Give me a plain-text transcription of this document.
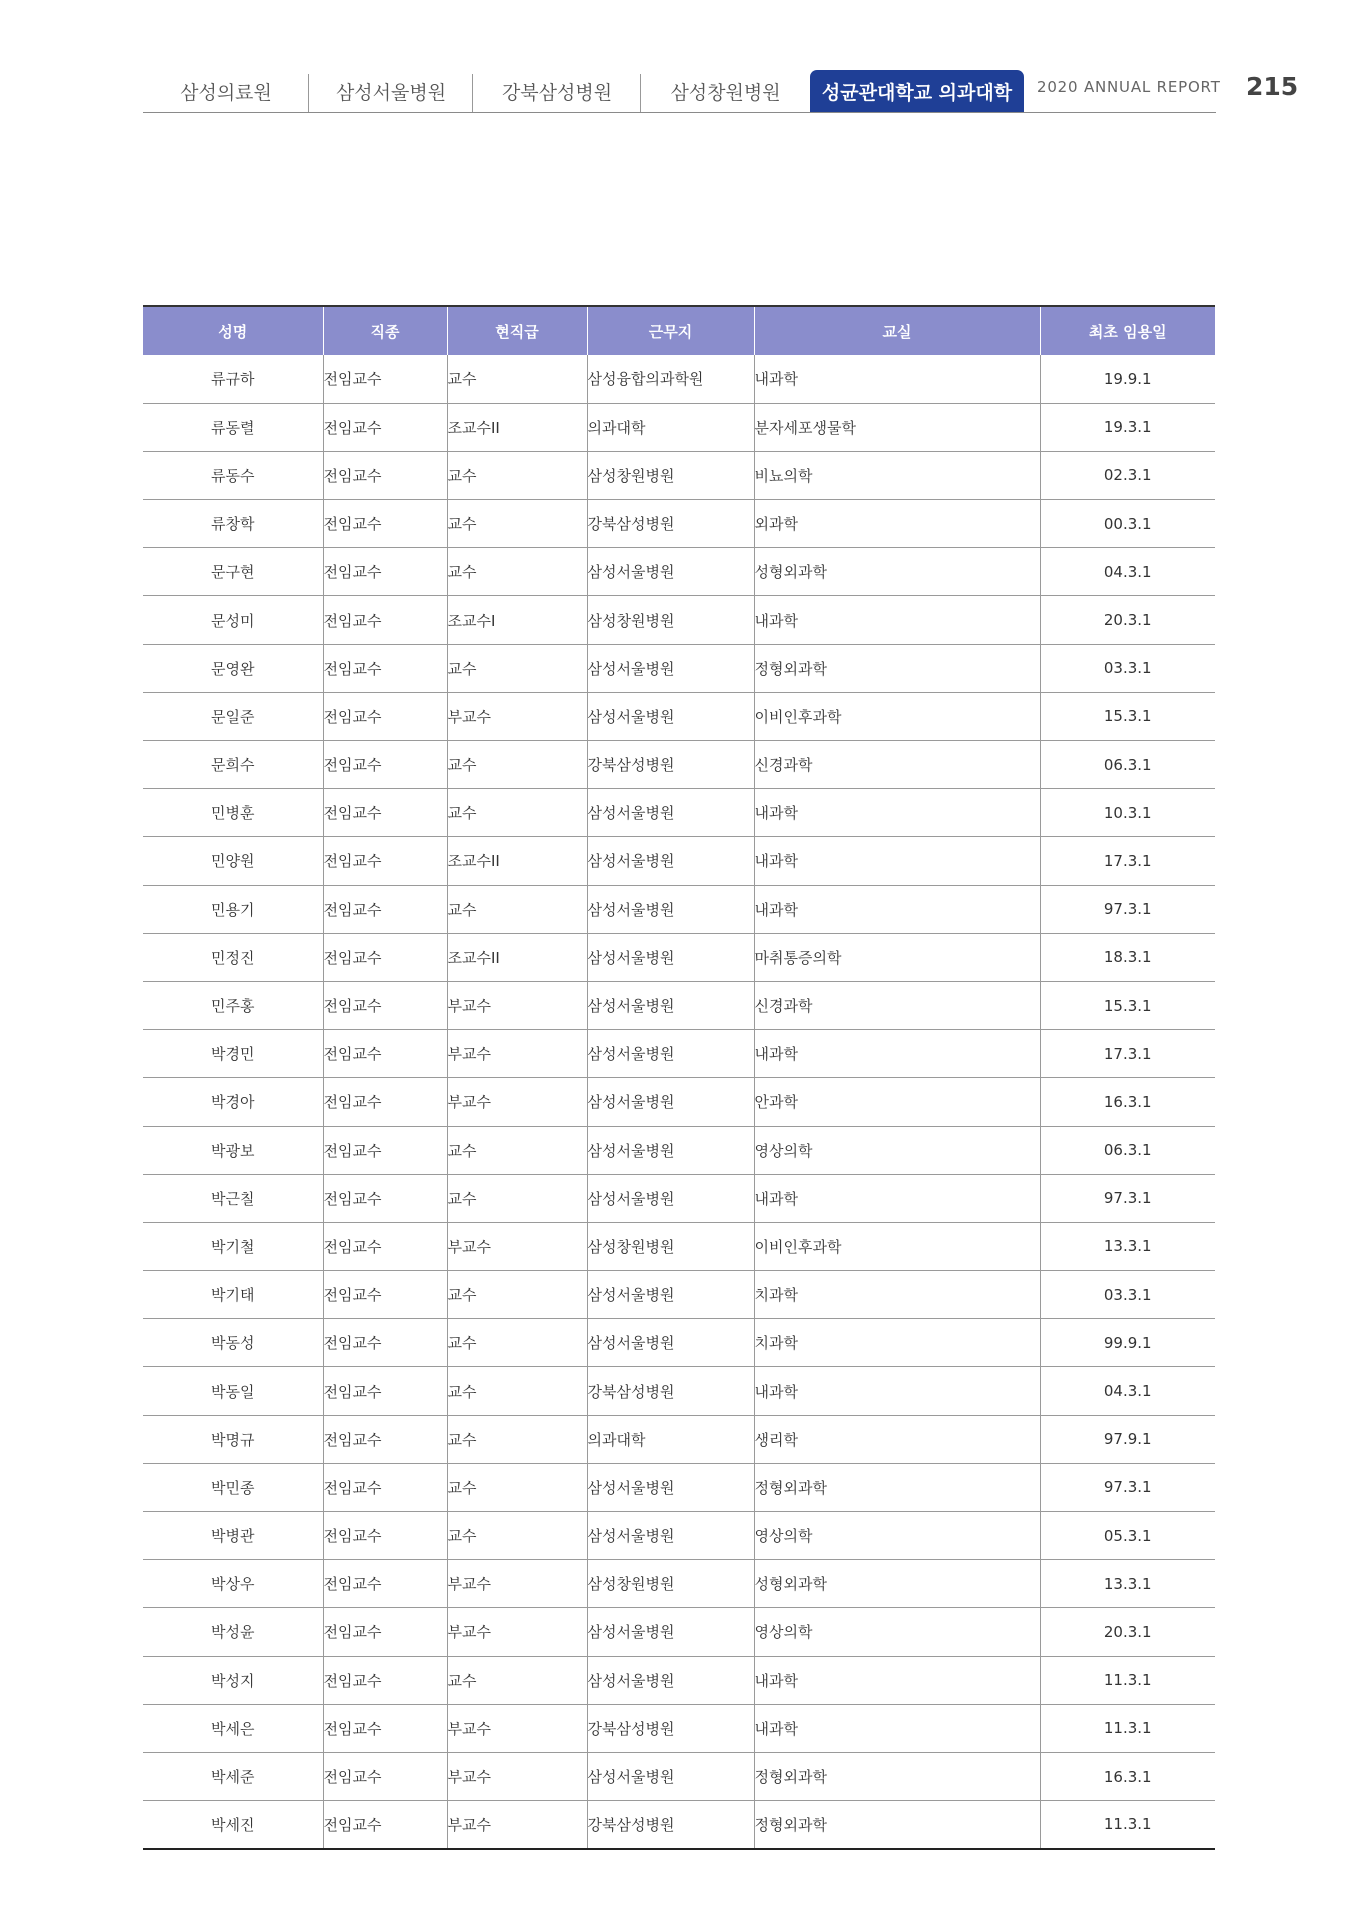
삼성의료원	삼성서울병원	강북삼성병원	삼성창원병원	성균관대학교 의과대학	2020 ANNUAL REPORT 215
성명	직종	현직급	근무지	교실	최초 임용일
류규하	전임교수	교수	삼성융합의과학원	내과학	19.9.1
류동렬	전임교수	조교수II	의과대학	분자세포생물학	19.3.1
류동수	전임교수	교수	삼성창원병원	비뇨의학	02.3.1
류창학	전임교수	교수	강북삼성병원	외과학	00.3.1
문구현	전임교수	교수	삼성서울병원	성형외과학	04.3.1
문성미	전임교수	조교수I	삼성창원병원	내과학	20.3.1
문영완	전임교수	교수	삼성서울병원	정형외과학	03.3.1
문일준	전임교수	부교수	삼성서울병원	이비인후과학	15.3.1
문희수	전임교수	교수	강북삼성병원	신경과학	06.3.1
민병훈	전임교수	교수	삼성서울병원	내과학	10.3.1
민양원	전임교수	조교수II	삼성서울병원	내과학	17.3.1
민용기	전임교수	교수	삼성서울병원	내과학	97.3.1
민정진	전임교수	조교수II	삼성서울병원	마취통증의학	18.3.1
민주홍	전임교수	부교수	삼성서울병원	신경과학	15.3.1
박경민	전임교수	부교수	삼성서울병원	내과학	17.3.1
박경아	전임교수	부교수	삼성서울병원	안과학	16.3.1
박광보	전임교수	교수	삼성서울병원	영상의학	06.3.1
박근칠	전임교수	교수	삼성서울병원	내과학	97.3.1
박기철	전임교수	부교수	삼성창원병원	이비인후과학	13.3.1
박기태	전임교수	교수	삼성서울병원	치과학	03.3.1
박동성	전임교수	교수	삼성서울병원	치과학	99.9.1
박동일	전임교수	교수	강북삼성병원	내과학	04.3.1
박명규	전임교수	교수	의과대학	생리학	97.9.1
박민종	전임교수	교수	삼성서울병원	정형외과학	97.3.1
박병관	전임교수	교수	삼성서울병원	영상의학	05.3.1
박상우	전임교수	부교수	삼성창원병원	성형외과학	13.3.1
박성윤	전임교수	부교수	삼성서울병원	영상의학	20.3.1
박성지	전임교수	교수	삼성서울병원	내과학	11.3.1
박세은	전임교수	부교수	강북삼성병원	내과학	11.3.1
박세준	전임교수	부교수	삼성서울병원	정형외과학	16.3.1
박세진	전임교수	부교수	강북삼성병원	정형외과학	11.3.1
